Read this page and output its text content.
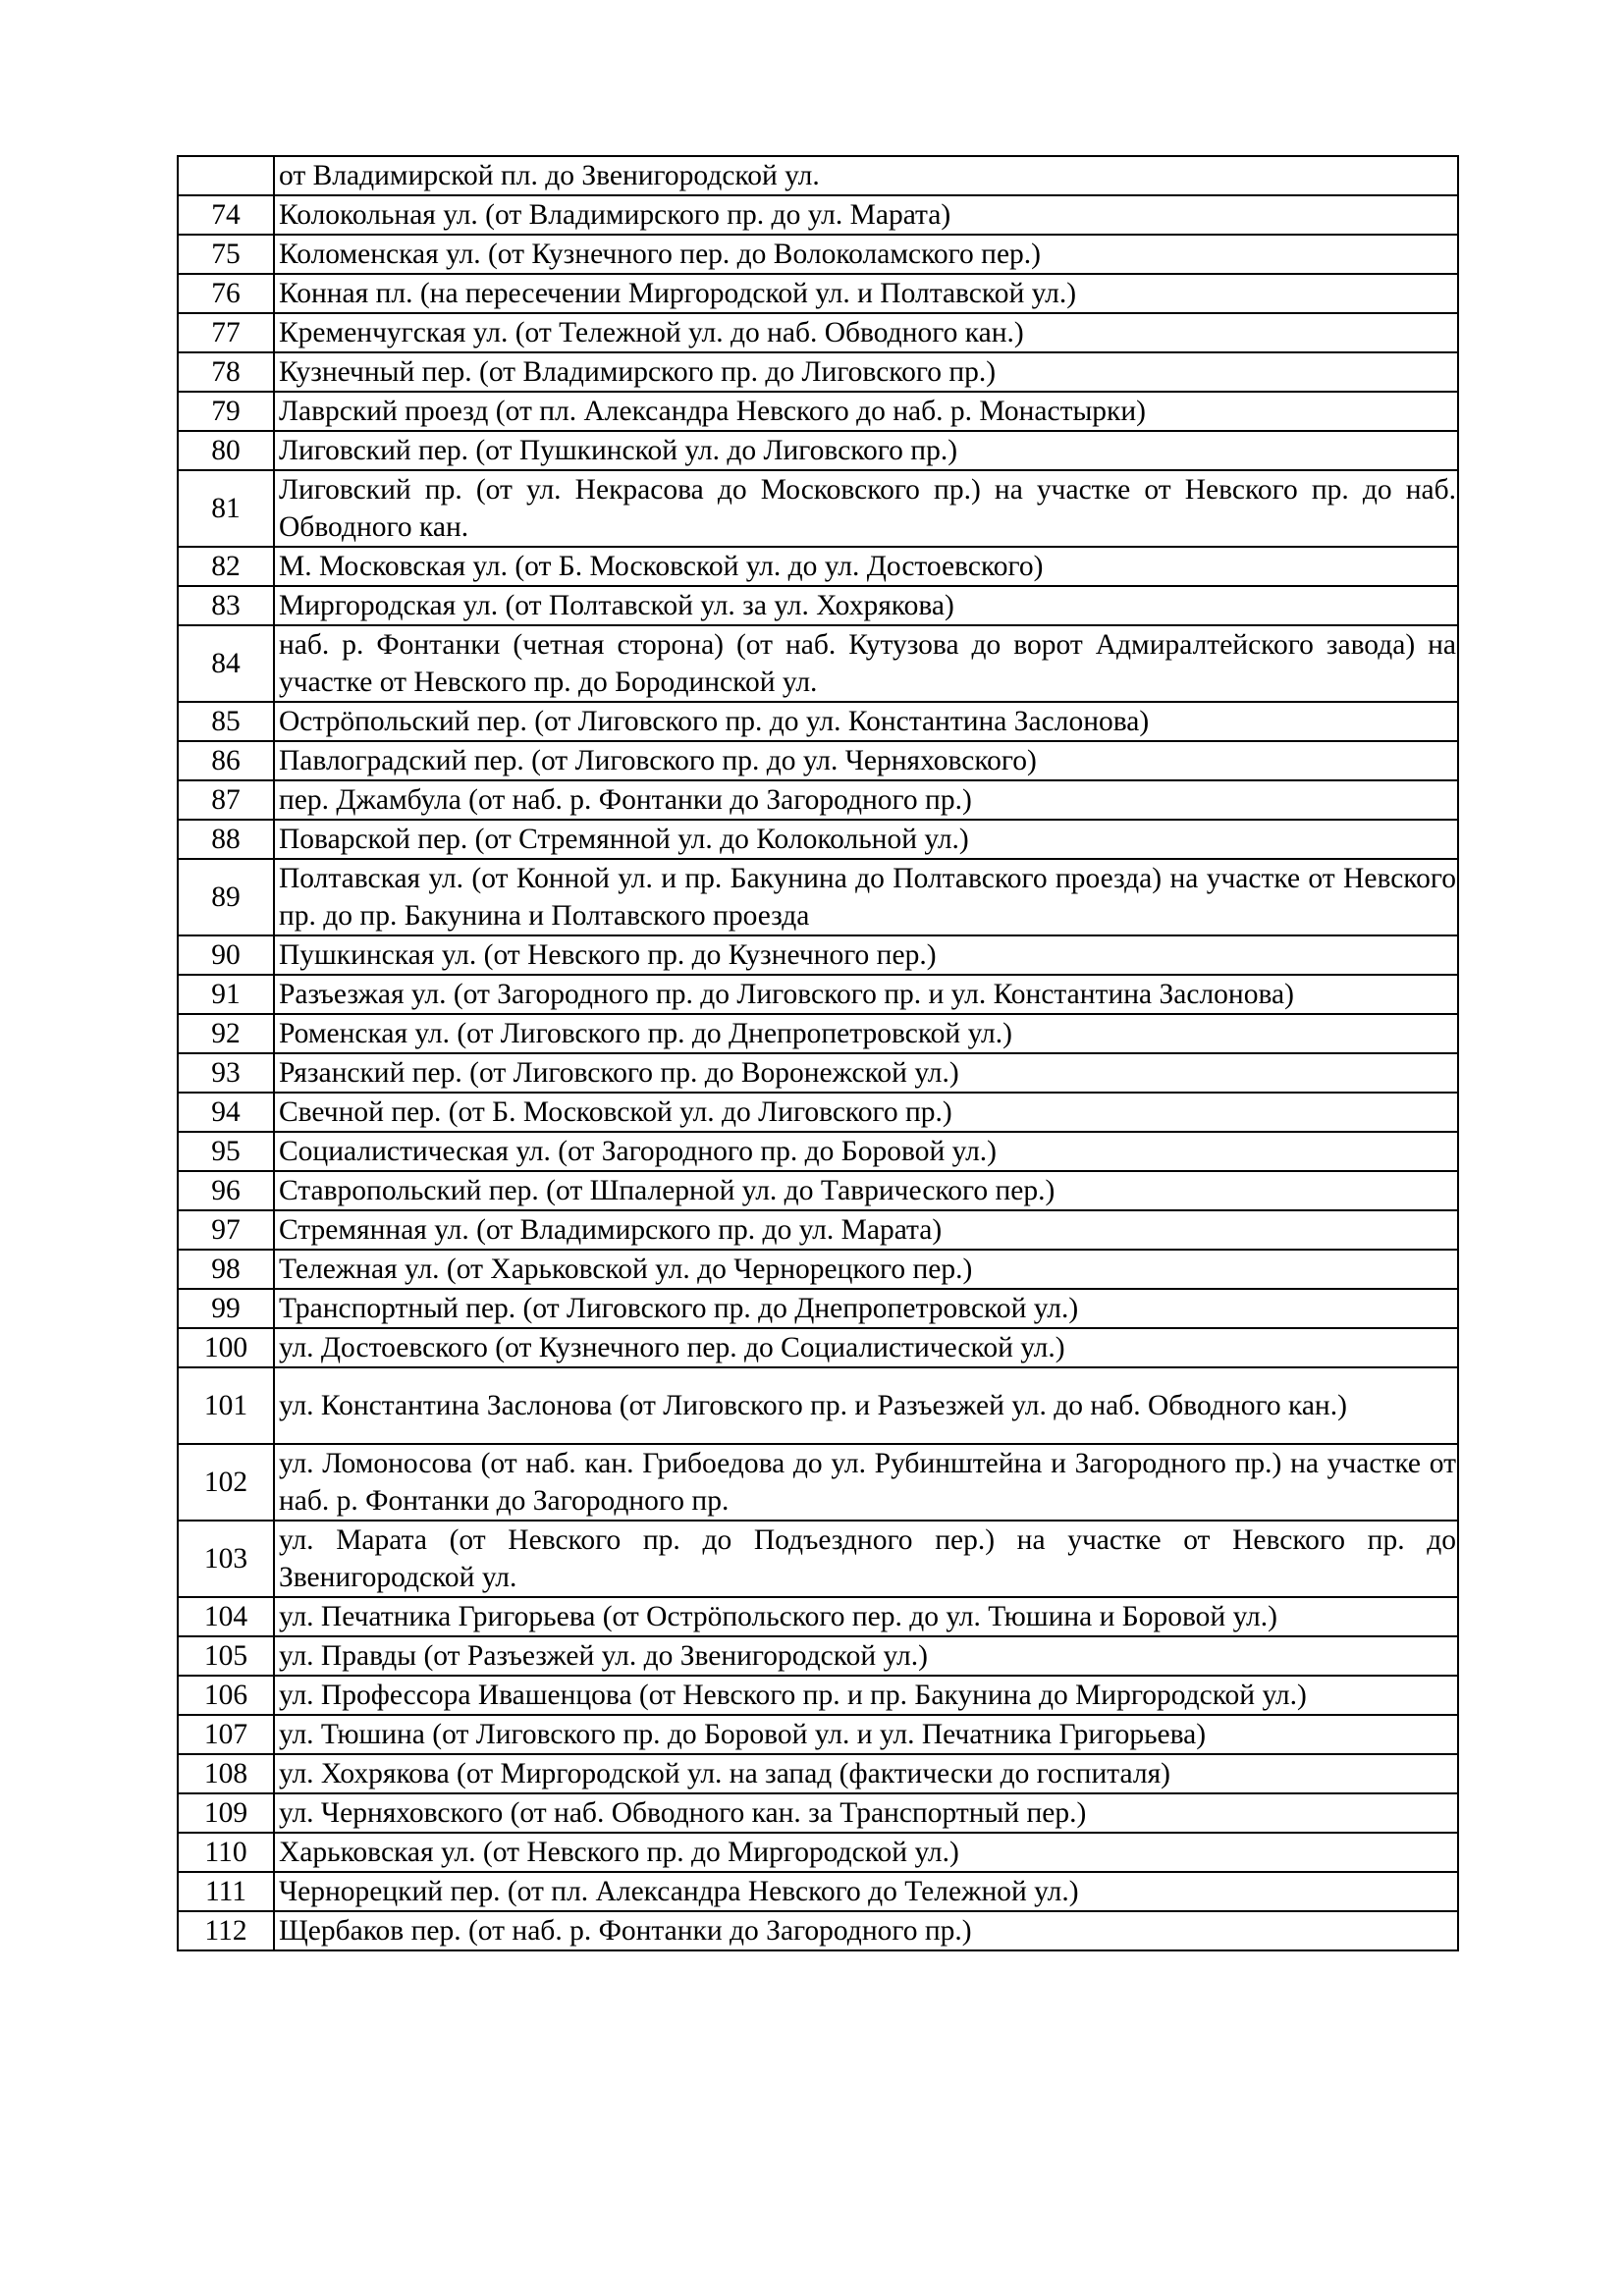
	от Владимирской пл. до Звенигородской ул.
74	Колокольная ул. (от Владимирского пр. до ул. Марата)
75	Коломенская ул. (от Кузнечного пер. до Волоколамского пер.)
76	Конная пл. (на пересечении Миргородской ул. и Полтавской ул.)
77	Кременчугская ул. (от Тележной ул. до наб. Обводного кан.)
78	Кузнечный пер. (от Владимирского пр. до Лиговского пр.)
79	Лаврский проезд (от пл. Александра Невского до наб. р. Монастырки)
80	Лиговский пер. (от Пушкинской ул. до Лиговского пр.)
81	Лиговский пр. (от ул. Некрасова до Московского пр.) на участке от Невского пр. до наб. Обводного кан.
82	М. Московская ул. (от Б. Московской ул. до ул. Достоевского)
83	Миргородская ул. (от Полтавской ул. за ул. Хохрякова)
84	наб. р. Фонтанки (четная сторона) (от наб. Кутузова до ворот Адмиралтейского завода) на участке от Невского пр. до Бородинской ул.
85	Острöпольский пер. (от Лиговского пр. до ул. Константина Заслонова)
86	Павлоградский пер. (от Лиговского пр. до ул. Черняховского)
87	пер. Джамбула (от наб. р. Фонтанки до Загородного пр.)
88	Поварской пер. (от Стремянной ул. до Колокольной ул.)
89	Полтавская ул. (от Конной ул. и пр. Бакунина до Полтавского проезда) на участке от Невского пр. до пр. Бакунина и Полтавского проезда
90	Пушкинская ул. (от Невского пр. до Кузнечного пер.)
91	Разъезжая ул. (от Загородного пр. до Лиговского пр. и ул. Константина Заслонова)
92	Роменская ул. (от Лиговского пр. до Днепропетровской ул.)
93	Рязанский пер. (от Лиговского пр. до Воронежской ул.)
94	Свечной пер. (от Б. Московской ул. до Лиговского пр.)
95	Социалистическая ул. (от Загородного пр. до Боровой ул.)
96	Ставропольский пер. (от Шпалерной ул. до Таврического пер.)
97	Стремянная ул. (от Владимирского пр. до ул. Марата)
98	Тележная ул. (от Харьковской ул. до Чернорецкого пер.)
99	Транспортный пер. (от Лиговского пр. до Днепропетровской ул.)
100	ул. Достоевского (от Кузнечного пер. до Социалистической ул.)
101	ул. Константина Заслонова (от Лиговского пр. и Разъезжей ул. до наб. Обводного кан.)
102	ул. Ломоносова (от наб. кан. Грибоедова до ул. Рубинштейна и Загородного пр.) на участке от наб. р. Фонтанки до Загородного пр.
103	ул. Марата (от Невского пр. до Подъездного пер.) на участке от Невского пр. до Звенигородской ул.
104	ул. Печатника Григорьева (от Острöпольского пер. до ул. Тюшина и Боровой ул.)
105	ул. Правды (от Разъезжей ул. до Звенигородской ул.)
106	ул. Профессора Ивашенцова (от Невского пр. и пр. Бакунина до Миргородской ул.)
107	ул. Тюшина (от Лиговского пр. до Боровой ул. и ул. Печатника Григорьева)
108	ул. Хохрякова (от Миргородской ул. на запад (фактически до госпиталя)
109	ул. Черняховского (от наб. Обводного кан. за Транспортный пер.)
110	Харьковская ул. (от Невского пр. до Миргородской ул.)
111	Чернорецкий пер. (от пл. Александра Невского до Тележной ул.)
112	Щербаков пер. (от наб. р. Фонтанки до Загородного пр.)
